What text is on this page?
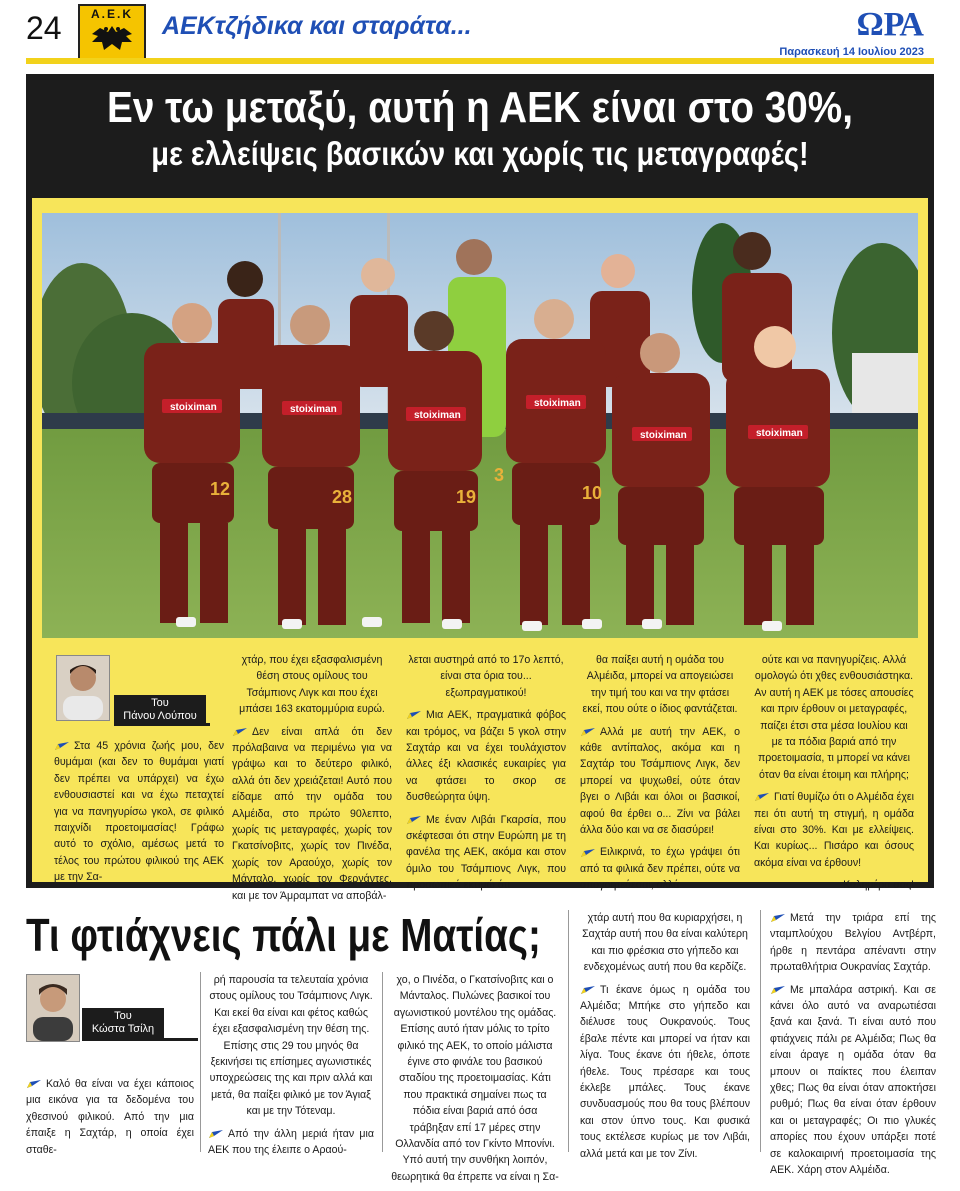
24	Α.Ε.Κ	ΑΕΚτζήδικα και σταράτα...	ΩΡΑ
Παρασκευή 14 Ιουλίου 2023
Εν τω μεταξύ, αυτή η ΑΕΚ είναι στο 30%,
με ελλείψεις βασικών και χωρίς τις μεταγραφές!
stoiximan	stoiximan
stoiximan
stoiximan
stoiximan	stoiximan
12	28	19	10
3
Του
Πάνου Λούπου

Στα 45 χρόνια ζωής μου, δεν θυμάμαι (και δεν το θυμάμαι γιατί δεν πρέπει να υπάρχει) να έχω ενθουσιαστεί και να έχω πεταχτεί για να πανηγυρίσω γκολ, σε φιλικό παιχνίδι προετοιμασίας! Γράφω αυτό το σχόλιο, αμέσως μετά το τέλος του πρώτου φιλικού της ΑΕΚ με την Σα-

χτάρ, που έχει εξασφαλισμένη θέση στους ομίλους του Τσάμπιονς Λιγκ και που έχει μπάσει 163 εκατομμύρια ευρώ.

Δεν είναι απλά ότι δεν πρόλαβαινα να περιμένω για να γράψω και το δεύτερο φιλικό, αλλά ότι δεν χρειάζεται! Αυτό που είδαμε από την ομάδα του Αλμέιδα, στο πρώτο 90λεπτο, χωρίς τις μεταγραφές, χωρίς τον Γκατσίνοβιτς, χωρίς τον Πινέδα, χωρίς τον Αραούχο, χωρίς τον Μάνταλο, χωρίς τον Φερνάντες, και με τον Άμραμπατ να αποβάλ-

λεται αυστηρά από το 17ο λεπτό, είναι στα όρια του... εξωπραγματικού!

Μια ΑΕΚ, πραγματικά φόβος και τρόμος, να βάζει 5 γκολ στην Σαχτάρ και να έχει τουλάχιστον άλλες έξι κλασικές ευκαιρίες για να φτάσει το σκορ σε δυσθεώρητα ύψη.

Με έναν Λιβάι Γκαρσία, που σκέφτεσαι ότι στην Ευρώπη με τη φανέλα της ΑΕΚ, ακόμα και στον όμιλο του Τσάμπιονς Λιγκ, που προσωπικά εκτιμώ ότι

θα παίξει αυτή η ομάδα του Αλμέιδα, μπορεί να απογειώσει την τιμή του και να την φτάσει εκεί, που ούτε ο ίδιος φαντάζεται.

Αλλά με αυτή την ΑΕΚ, ο κάθε αντίπαλος, ακόμα και η Σαχτάρ του Τσάμπιονς Λιγκ, δεν μπορεί να ψυχωθεί, ούτε όταν βγει ο Λιβάι και όλοι οι βασικοί, αφού θα έρθει ο... Ζίνι να βάλει άλλα δύο και να σε διασύρει!

Ειλικρινά, το έχω γράψει ότι από τα φιλικά δεν πρέπει, ούτε να απογοητεύεσαι, αλλά

ούτε και να πανηγυρίζεις. Αλλά ομολογώ ότι χθες ενθουσιάστηκα. Αν αυτή η ΑΕΚ με τόσες απουσίες και πριν έρθουν οι μεταγραφές, παίζει έτσι στα μέσα Ιουλίου και με τα πόδια βαριά από την προετοιμασία, τι μπορεί να κάνει όταν θα είναι έτοιμη και πλήρης;

Γιατί θυμίζω ότι ο Αλμέιδα έχει πει ότι αυτή τη στιγμή, η ομάδα είναι στο 30%. Και με ελλείψεις. Και κυρίως... Πισάρο και όσους ακόμα είναι να έρθουν!

Καλημέρα σας!

Τι φτιάχνεις πάλι με Ματίας;
Του
Κώστα Τσίλη

Καλό θα είναι να έχει κάποιος μια εικόνα για τα δεδομένα του χθεσινού φιλικού. Από την μια έπαιξε η Σαχτάρ, η οποία έχει σταθε-

ρή παρουσία τα τελευταία χρόνια στους ομίλους του Τσάμπιονς Λιγκ. Και εκεί θα είναι και φέτος καθώς έχει εξασφαλισμένη την θέση της. Επίσης στις 29 του μηνός θα ξεκινήσει τις επίσημες αγωνιστικές υποχρεώσεις της και πριν αλλά και μετά, θα παίξει φιλικό με τον Άγιαξ και με την Τότεναμ.

Από την άλλη μεριά ήταν μια ΑΕΚ που της έλειπε ο Αραού-

χο, ο Πινέδα, ο Γκατσίνοβιτς και ο Μάνταλος. Πυλώνες βασικοί του αγωνιστικού μοντέλου της ομάδας. Επίσης αυτό ήταν μόλις το τρίτο φιλικό της ΑΕΚ, το οποίο μάλιστα έγινε στο φινάλε του βασικού σταδίου της προετοιμασίας. Κάτι που πρακτικά σημαίνει πως τα πόδια είναι βαριά από όσα τράβηξαν επί 17 μέρες στην Ολλανδία από τον Γκίντο Μπονίνι. Υπό αυτή την συνθήκη λοιπόν, θεωρητικά θα έπρεπε να είναι η Σα-

χτάρ αυτή που θα κυριαρχήσει, η Σαχτάρ αυτή που θα είναι καλύτερη και πιο φρέσκια στο γήπεδο και ενδεχομένως αυτή που θα κερδίζε.

Τι έκανε όμως η ομάδα του Αλμέιδα; Μπήκε στο γήπεδο και διέλυσε τους Ουκρανούς. Τους έβαλε πέντε και μπορεί να ήταν και λίγα. Τους έκανε ότι ήθελε, όποτε ήθελε. Τους πρέσαρε και τους έκλεβε μπάλες. Τους έκανε συνδυασμούς που θα τους βλέπουν και στον ύπνο τους. Και φυσικά τους εκτέλεσε κυρίως με τον Λιβάι, αλλά μετά και με τον Ζίνι.

Μετά την τριάρα επί της νταμπλούχου Βελγίου Αντβέρπ, ήρθε η πεντάρα απέναντι στην πρωταθλήτρια Ουκρανίας Σαχτάρ.

Με μπαλάρα αστρική. Και σε κάνει όλο αυτό να αναρωτιέσαι ξανά και ξανά. Τι είναι αυτό που φτιάχνεις πάλι ρε Αλμέιδα; Πως θα είναι άραγε η ομάδα όταν θα μπουν οι παίκτες που έλειπαν χθες; Πως θα είναι όταν αποκτήσει ρυθμό; Πως θα είναι όταν έρθουν και οι μεταγραφές; Οι πιο γλυκές απορίες που έχουν υπάρξει ποτέ σε καλοκαιρινή προετοιμασία της ΑΕΚ. Χάρη στον Αλμέιδα.
